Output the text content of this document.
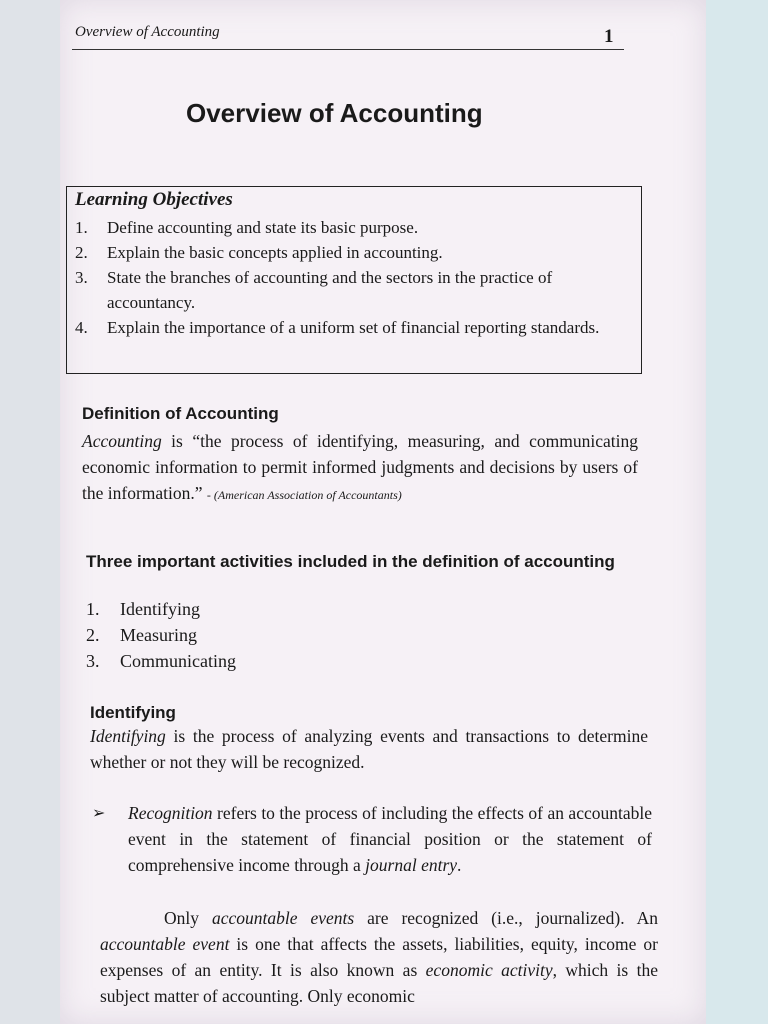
Overview of Accounting	1
Overview of Accounting
Learning Objectives
1.	Define accounting and state its basic purpose.
2.	Explain the basic concepts applied in accounting.
3.	State the branches of accounting and the sectors in the practice of accountancy.
4.	Explain the importance of a uniform set of financial reporting standards.
Definition of Accounting
Accounting is “the process of identifying, measuring, and communicating economic information to permit informed judgments and decisions by users of the information.” - (American Association of Accountants)
Three important activities included in the definition of accounting
1.	Identifying
2.	Measuring
3.	Communicating
Identifying
Identifying is the process of analyzing events and transactions to determine whether or not they will be recognized.
➢ Recognition refers to the process of including the effects of an accountable event in the statement of financial position or the statement of comprehensive income through a journal entry.
Only accountable events are recognized (i.e., journalized). An accountable event is one that affects the assets, liabilities, equity, income or expenses of an entity. It is also known as economic activity, which is the subject matter of accounting. Only economic
